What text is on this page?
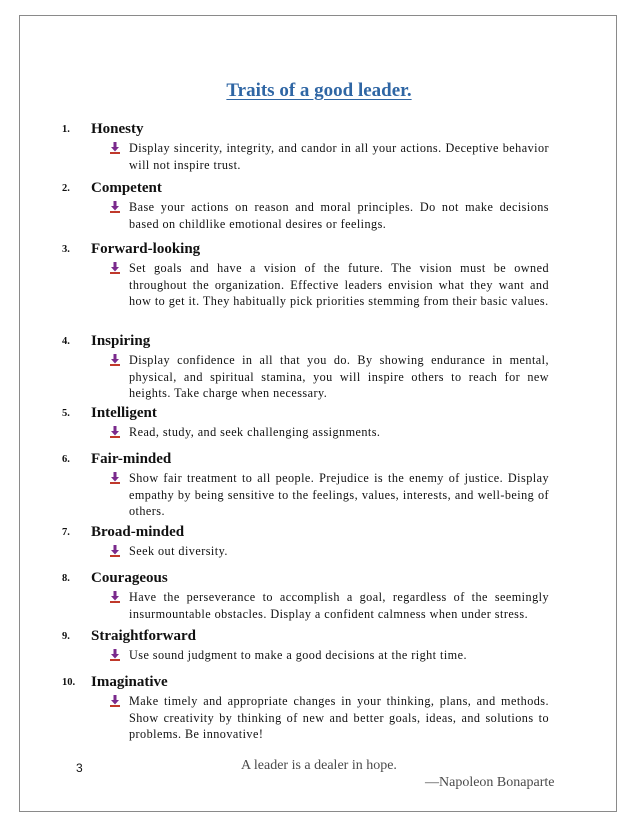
Traits of a good leader.
1. Honesty

Display sincerity, integrity, and candor in all your actions. Deceptive behavior will not inspire trust.

2. Competent

Base your actions on reason and moral principles. Do not make decisions based on childlike emotional desires or feelings.

3. Forward-looking

Set goals and have a vision of the future. The vision must be owned throughout the organization. Effective leaders envision what they want and how to get it. They habitually pick priorities stemming from their basic values.

4. Inspiring

Display confidence in all that you do. By showing endurance in mental, physical, and spiritual stamina, you will inspire others to reach for new heights. Take charge when necessary.

5. Intelligent

Read, study, and seek challenging assignments.

6. Fair-minded

Show fair treatment to all people. Prejudice is the enemy of justice. Display empathy by being sensitive to the feelings, values, interests, and well-being of others.

7. Broad-minded

Seek out diversity.

8. Courageous

Have the perseverance to accomplish a goal, regardless of the seemingly insurmountable obstacles. Display a confident calmness when under stress.

9. Straightforward

Use sound judgment to make a good decisions at the right time.

10. Imaginative

Make timely and appropriate changes in your thinking, plans, and methods. Show creativity by thinking of new and better goals, ideas, and solutions to problems. Be innovative!

3	A leader is a dealer in hope.
—Napoleon Bonaparte
